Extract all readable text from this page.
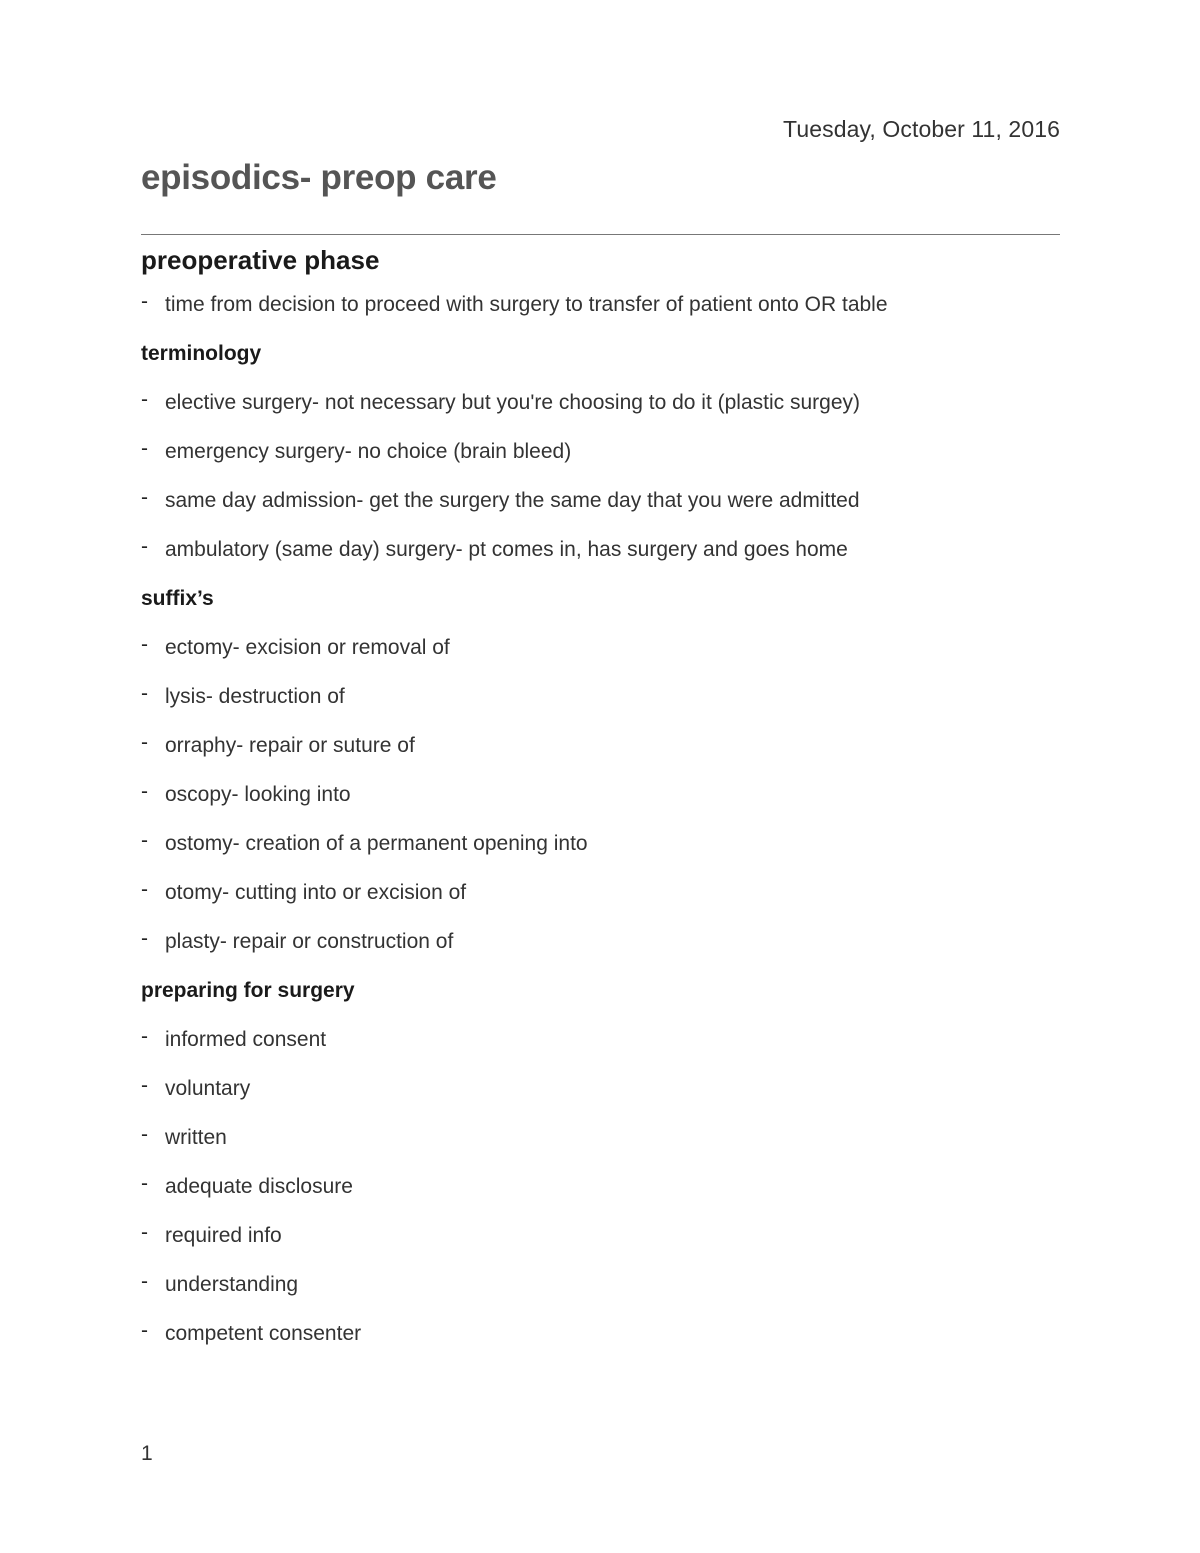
Tuesday, October 11, 2016
episodics- preop care
preoperative phase
- time from decision to proceed with surgery to transfer of patient onto OR table
terminology
- elective surgery- not necessary but you're choosing to do it (plastic surgey)
- emergency surgery- no choice (brain bleed)
- same day admission- get the surgery the same day that you were admitted
- ambulatory (same day) surgery- pt comes in, has surgery and goes home
suffix’s
- ectomy- excision or removal of
- lysis- destruction of
- orraphy- repair or suture of
- oscopy- looking into
- ostomy- creation of a permanent opening into
- otomy- cutting into or excision of
- plasty- repair or construction of
preparing for surgery
- informed consent
- voluntary
- written
- adequate disclosure
- required info
- understanding
- competent consenter
1
